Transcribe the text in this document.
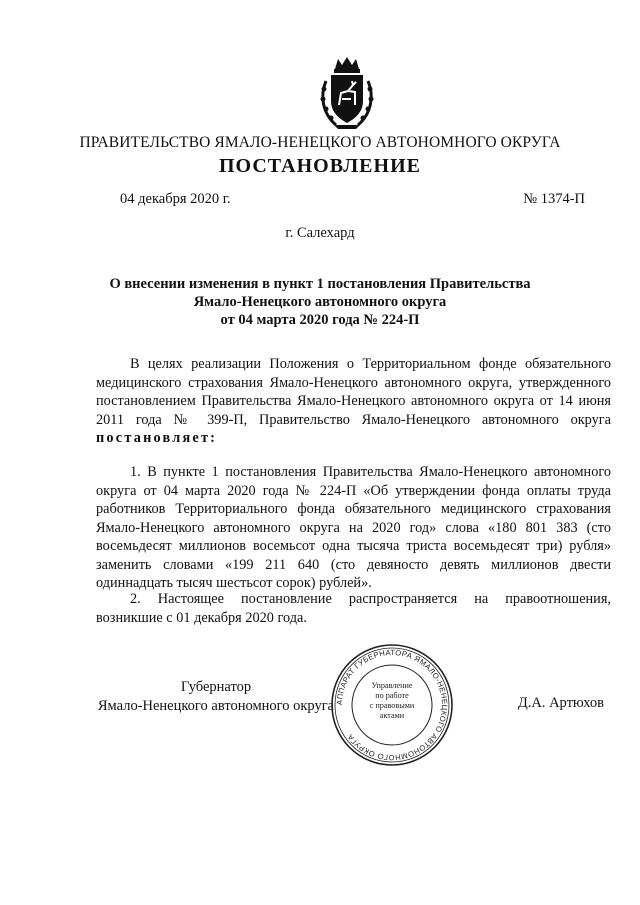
ПРАВИТЕЛЬСТВО ЯМАЛО-НЕНЕЦКОГО АВТОНОМНОГО ОКРУГА
ПОСТАНОВЛЕНИЕ
04 декабря 2020 г.	№ 1374-П
г. Салехард
О внесении изменения в пункт 1 постановления Правительства
Ямало-Ненецкого автономного округа
от 04 марта 2020 года № 224-П
В целях реализации Положения о Территориальном фонде обязательного медицинского страхования Ямало-Ненецкого автономного округа, утвержденного постановлением Правительства Ямало-Ненецкого автономного округа от 14 июня 2011 года № 399-П, Правительство Ямало-Ненецкого автономного округа постановляет:
1. В пункте 1 постановления Правительства Ямало-Ненецкого автономного округа от 04 марта 2020 года № 224-П «Об утверждении фонда оплаты труда работников Территориального фонда обязательного медицинского страхования Ямало-Ненецкого автономного округа на 2020 год» слова «180 801 383 (сто восемьдесят миллионов восемьсот одна тысяча триста восемьдесят три) рубля» заменить словами «199 211 640 (сто девяносто девять миллионов двести одиннадцать тысяч шестьсот сорок) рублей».
2. Настоящее постановление распространяется на правоотношения, возникшие с 01 декабря 2020 года.
Губернатор
Ямало-Ненецкого автономного округа	Д.А. Артюхов
АППАРАТ ГУБЕРНАТОРА ЯМАЛО-НЕНЕЦКОГО АВТОНОМНОГО ОКРУГА
Управление по работе с правовыми актами
